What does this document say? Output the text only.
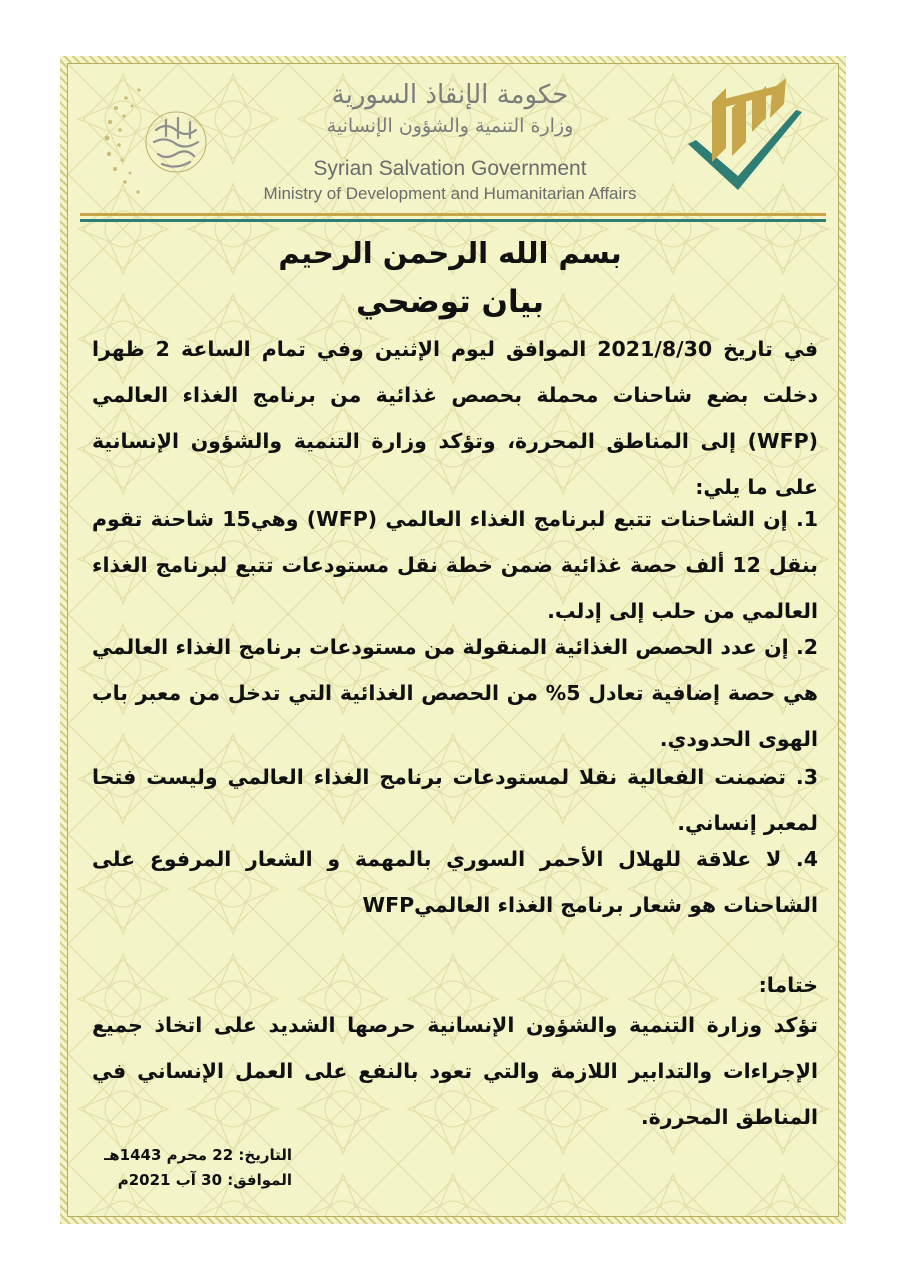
حكومة الإنقاذ السورية
وزارة التنمية والشؤون الإنسانية
Syrian Salvation Government
Ministry of Development and Humanitarian Affairs
بسم الله الرحمن الرحيم
بيان توضحي
في تاريخ 2021/8/30 الموافق ليوم الإثنين وفي تمام الساعة 2 ظهرا دخلت بضع شاحنات محملة بحصص غذائية من برنامج الغذاء العالمي (WFP) إلى المناطق المحررة، وتؤكد وزارة التنمية والشؤون الإنسانية على ما يلي:
1. إن الشاحنات تتبع لبرنامج الغذاء العالمي (WFP) وهي15 شاحنة تقوم بنقل 12 ألف حصة غذائية ضمن خطة نقل مستودعات تتبع لبرنامج الغذاء العالمي من حلب إلى إدلب.
2. إن عدد الحصص الغذائية المنقولة من مستودعات برنامج الغذاء العالمي هي حصة إضافية تعادل 5% من الحصص الغذائية التي تدخل من معبر باب الهوى الحدودي.
3. تضمنت الفعالية نقلا لمستودعات برنامج الغذاء العالمي وليست فتحا لمعبر إنساني.
4. لا علاقة للهلال الأحمر السوري بالمهمة و الشعار المرفوع على الشاحنات هو شعار برنامج الغذاء العالميWFP
ختاما:
تؤكد وزارة التنمية والشؤون الإنسانية حرصها الشديد على اتخاذ جميع الإجراءات والتدابير اللازمة والتي تعود بالنفع على العمل الإنساني في المناطق المحررة.
التاريخ: 22 محرم 1443هـ
الموافق: 30 آب 2021م
